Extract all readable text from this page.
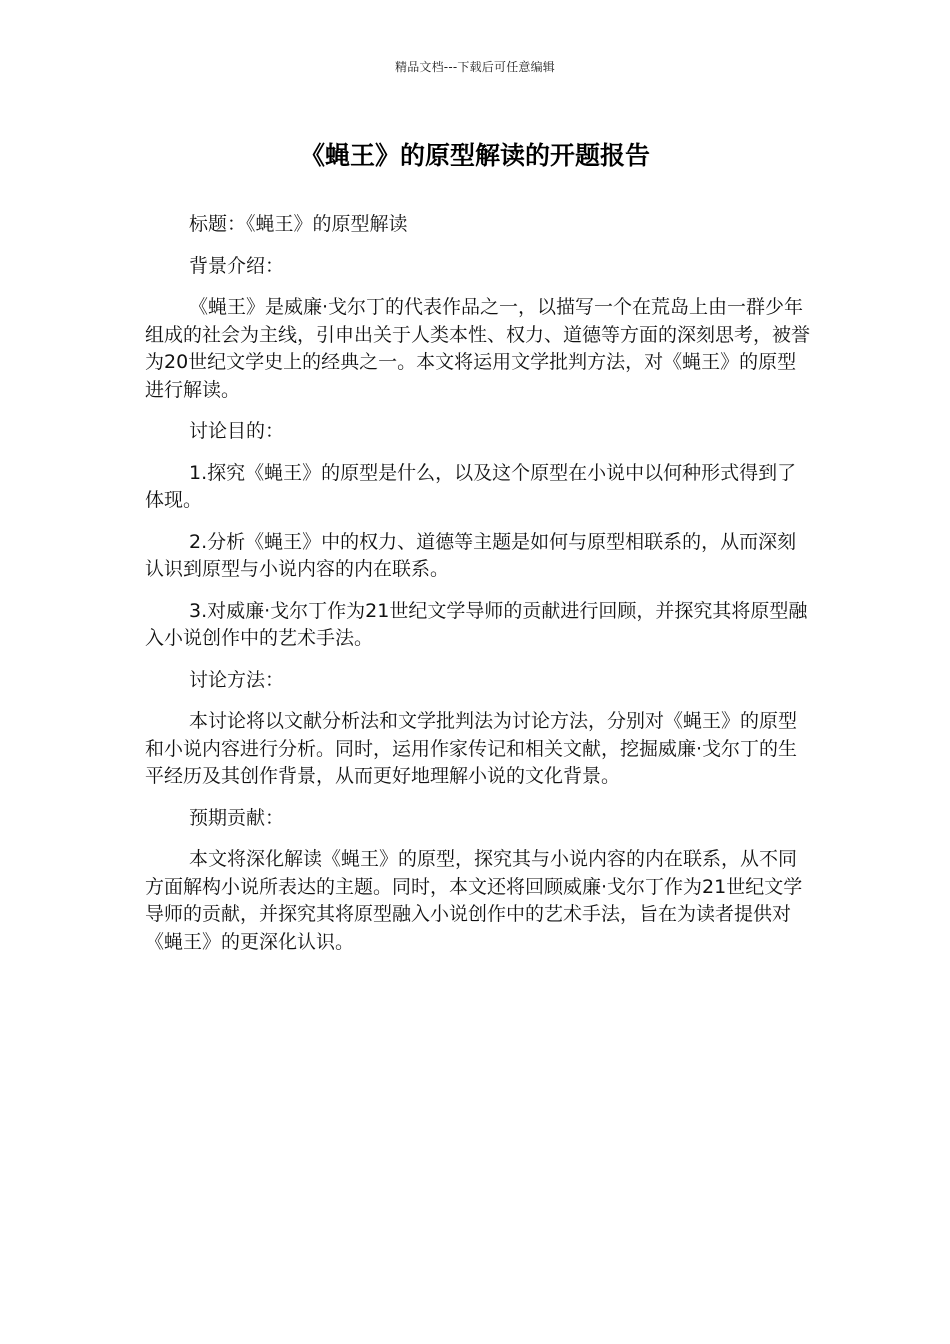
精品文档---下载后可任意编辑
《蝇王》的原型解读的开题报告

标题：《蝇王》的原型解读

背景介绍：

《蝇王》是威廉·戈尔丁的代表作品之一，以描写一个在荒岛上由一群少年组成的社会为主线，引申出关于人类本性、权力、道德等方面的深刻思考，被誉为20世纪文学史上的经典之一。本文将运用文学批判方法，对《蝇王》的原型进行解读。

讨论目的：

1.探究《蝇王》的原型是什么，以及这个原型在小说中以何种形式得到了体现。

2.分析《蝇王》中的权力、道德等主题是如何与原型相联系的，从而深刻认识到原型与小说内容的内在联系。

3.对威廉·戈尔丁作为21世纪文学导师的贡献进行回顾，并探究其将原型融入小说创作中的艺术手法。

讨论方法：

本讨论将以文献分析法和文学批判法为讨论方法，分别对《蝇王》的原型和小说内容进行分析。同时，运用作家传记和相关文献，挖掘威廉·戈尔丁的生平经历及其创作背景，从而更好地理解小说的文化背景。

预期贡献：

本文将深化解读《蝇王》的原型，探究其与小说内容的内在联系，从不同方面解构小说所表达的主题。同时，本文还将回顾威廉·戈尔丁作为21世纪文学导师的贡献，并探究其将原型融入小说创作中的艺术手法，旨在为读者提供对《蝇王》的更深化认识。
